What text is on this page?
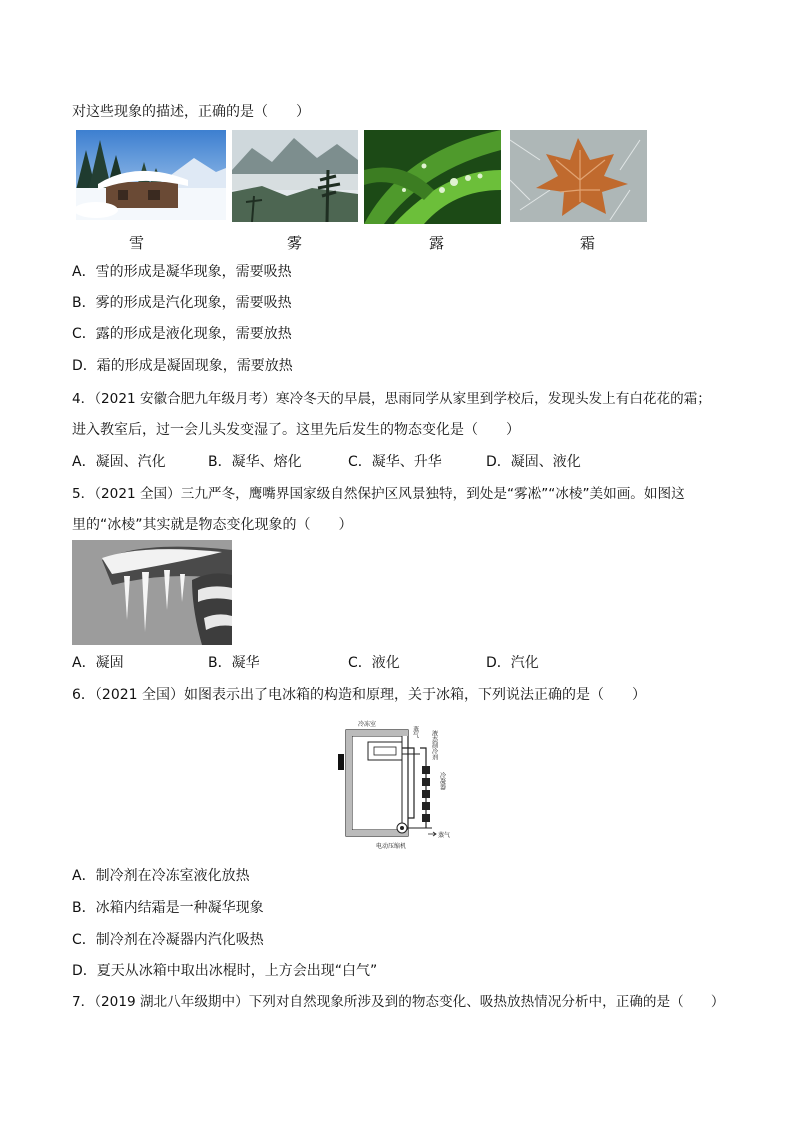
对这些现象的描述，正确的是（　　）
雪	雾	露	霜
A．雪的形成是凝华现象，需要吸热
B．雾的形成是汽化现象，需要吸热
C．露的形成是液化现象，需要放热
D．霜的形成是凝固现象，需要放热
4．（2021 安徽合肥九年级月考）寒冷冬天的早晨，思雨同学从家里到学校后，发现头发上有白花花的霜；
进入教室后，过一会儿头发变湿了。这里先后发生的物态变化是（　　）
A．凝固、汽化	B．凝华、熔化	C．凝华、升华	D．凝固、液化
5．（2021 全国）三九严冬，鹰嘴界国家级自然保护区风景独特，到处是“雾凇”“冰棱”美如画。如图这
里的“冰棱”其实就是物态变化现象的（　　）
A．凝固	B．凝华	C．液化	D．汽化
6．（2021 全国）如图表示出了电冰箱的构造和原理，关于冰箱，下列说法正确的是（　　）
冷冻室
蒸气 液态制冷剂
冷凝器
蒸气
电动压缩机
A．制冷剂在冷冻室液化放热
B．冰箱内结霜是一种凝华现象
C．制冷剂在冷凝器内汽化吸热
D．夏天从冰箱中取出冰棍时，上方会出现“白气”
7．（2019 湖北八年级期中）下列对自然现象所涉及到的物态变化、吸热放热情况分析中，正确的是（　　）
